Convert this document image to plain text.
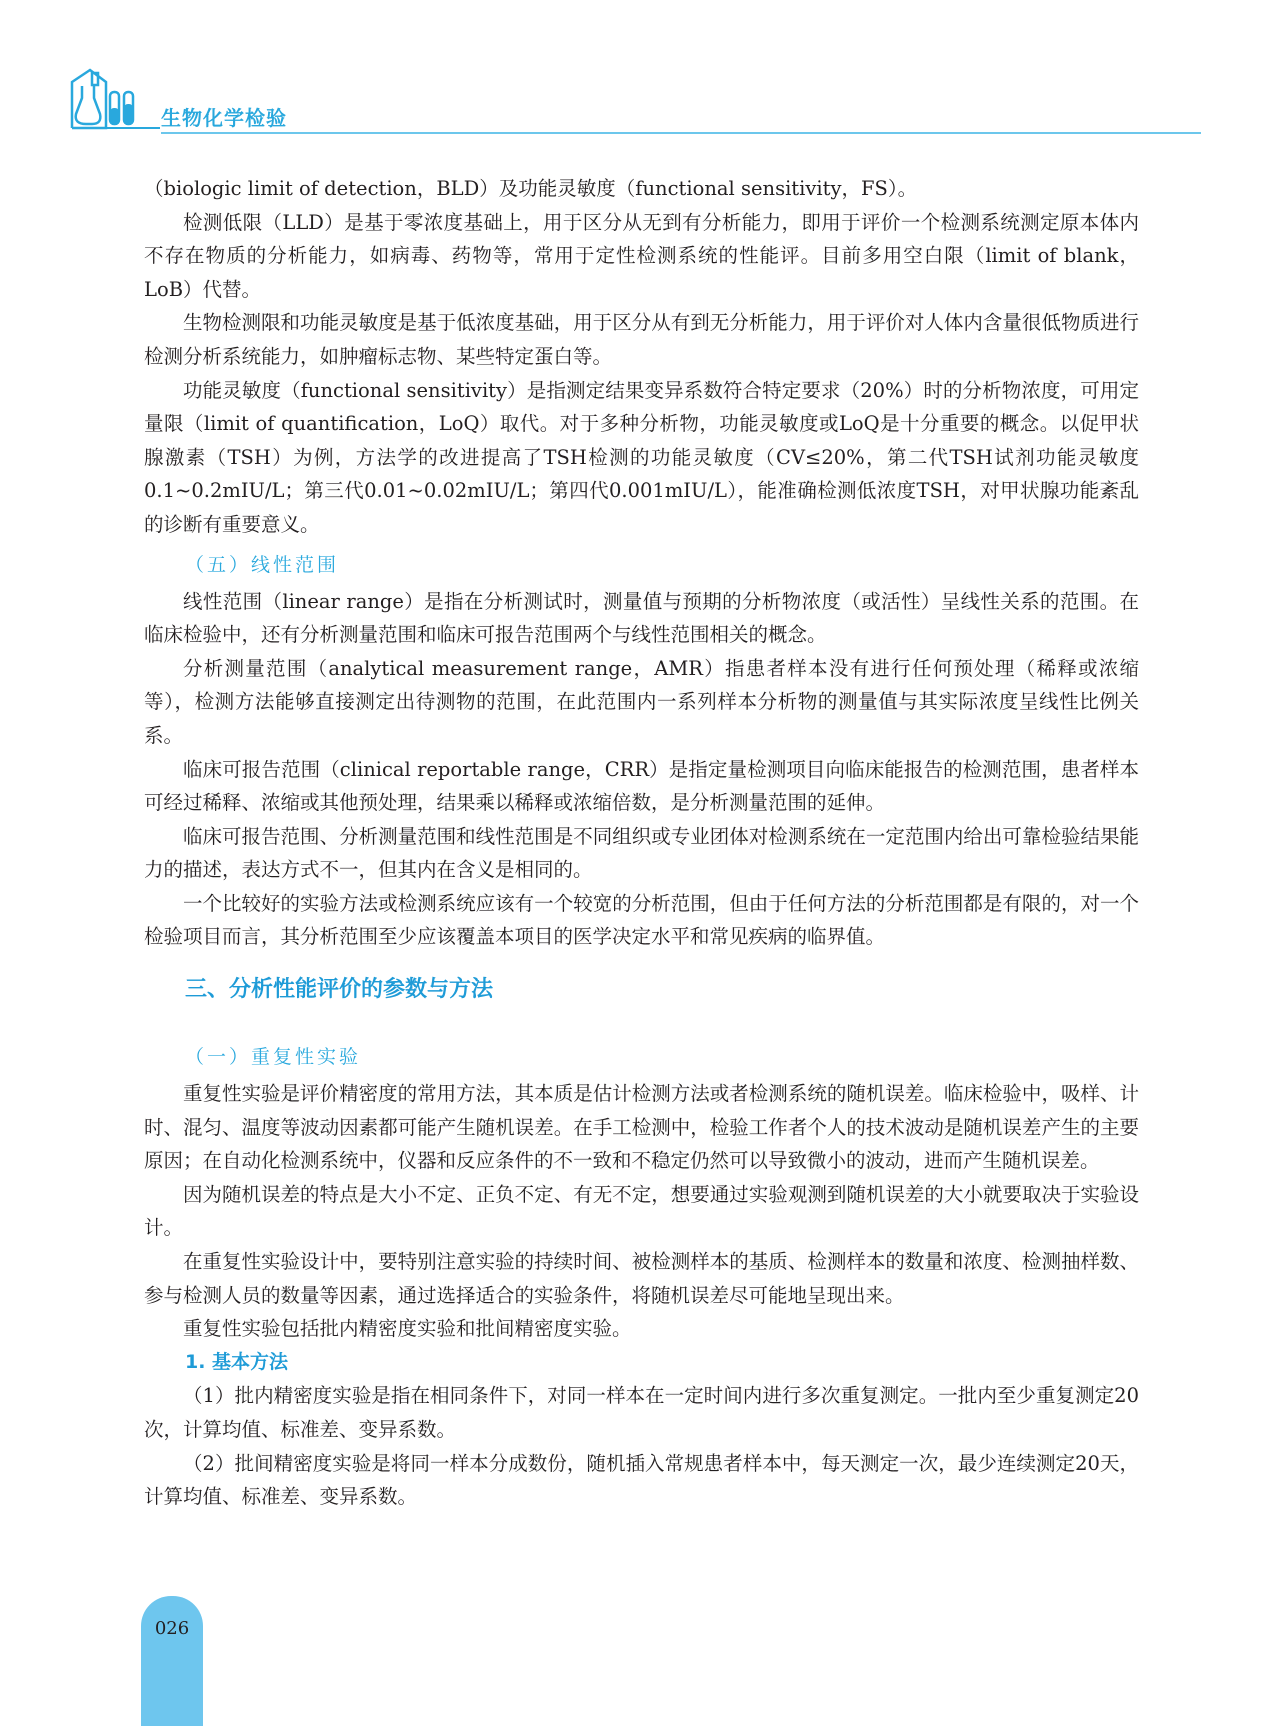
生物化学检验

（biologic limit of detection，BLD）及功能灵敏度（functional sensitivity，FS）。

检测低限（LLD）是基于零浓度基础上，用于区分从无到有分析能力，即用于评价一个检测系统测定原本体内不存在物质的分析能力，如病毒、药物等，常用于定性检测系统的性能评。目前多用空白限（limit of blank，LoB）代替。

生物检测限和功能灵敏度是基于低浓度基础，用于区分从有到无分析能力，用于评价对人体内含量很低物质进行检测分析系统能力，如肿瘤标志物、某些特定蛋白等。

功能灵敏度（functional sensitivity）是指测定结果变异系数符合特定要求（20%）时的分析物浓度，可用定量限（limit of quantification，LoQ）取代。对于多种分析物，功能灵敏度或LoQ是十分重要的概念。以促甲状腺激素（TSH）为例，方法学的改进提高了TSH检测的功能灵敏度（CV≤20%，第二代TSH试剂功能灵敏度0.1~0.2mIU/L；第三代0.01~0.02mIU/L；第四代0.001mIU/L），能准确检测低浓度TSH，对甲状腺功能紊乱的诊断有重要意义。

（五）线性范围

线性范围（linear range）是指在分析测试时，测量值与预期的分析物浓度（或活性）呈线性关系的范围。在临床检验中，还有分析测量范围和临床可报告范围两个与线性范围相关的概念。

分析测量范围（analytical measurement range，AMR）指患者样本没有进行任何预处理（稀释或浓缩等），检测方法能够直接测定出待测物的范围，在此范围内一系列样本分析物的测量值与其实际浓度呈线性比例关系。

临床可报告范围（clinical reportable range，CRR）是指定量检测项目向临床能报告的检测范围，患者样本可经过稀释、浓缩或其他预处理，结果乘以稀释或浓缩倍数，是分析测量范围的延伸。

临床可报告范围、分析测量范围和线性范围是不同组织或专业团体对检测系统在一定范围内给出可靠检验结果能力的描述，表达方式不一，但其内在含义是相同的。

一个比较好的实验方法或检测系统应该有一个较宽的分析范围，但由于任何方法的分析范围都是有限的，对一个检验项目而言，其分析范围至少应该覆盖本项目的医学决定水平和常见疾病的临界值。

三、分析性能评价的参数与方法
（一）重复性实验

重复性实验是评价精密度的常用方法，其本质是估计检测方法或者检测系统的随机误差。临床检验中，吸样、计时、混匀、温度等波动因素都可能产生随机误差。在手工检测中，检验工作者个人的技术波动是随机误差产生的主要原因；在自动化检测系统中，仪器和反应条件的不一致和不稳定仍然可以导致微小的波动，进而产生随机误差。

因为随机误差的特点是大小不定、正负不定、有无不定，想要通过实验观测到随机误差的大小就要取决于实验设计。

在重复性实验设计中，要特别注意实验的持续时间、被检测样本的基质、检测样本的数量和浓度、检测抽样数、参与检测人员的数量等因素，通过选择适合的实验条件，将随机误差尽可能地呈现出来。

重复性实验包括批内精密度实验和批间精密度实验。

1. 基本方法

（1）批内精密度实验是指在相同条件下，对同一样本在一定时间内进行多次重复测定。一批内至少重复测定20次，计算均值、标准差、变异系数。

（2）批间精密度实验是将同一样本分成数份，随机插入常规患者样本中，每天测定一次，最少连续测定20天，计算均值、标准差、变异系数。

026
